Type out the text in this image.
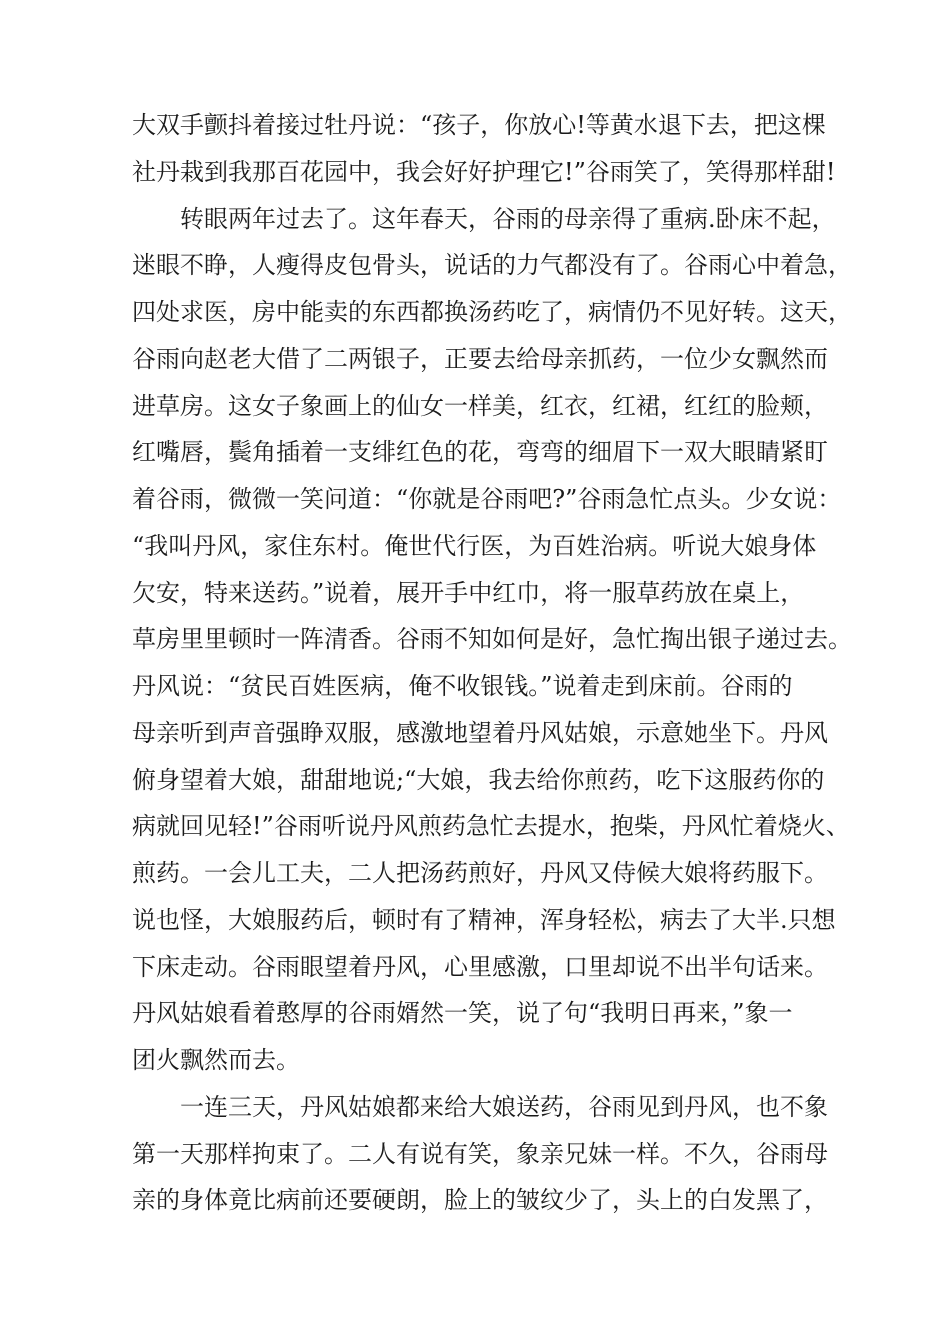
大双手颤抖着接过牡丹说：“孩子，你放心!等黄水退下去，把这棵

社丹栽到我那百花园中，我会好好护理它!”谷雨笑了，笑得那样甜!

转眼两年过去了。这年春天，谷雨的母亲得了重病.卧床不起，

迷眼不睁，人瘦得皮包骨头，说话的力气都没有了。谷雨心中着急，

四处求医，房中能卖的东西都换汤药吃了，病情仍不见好转。这天，

谷雨向赵老大借了二两银子，正要去给母亲抓药，一位少女飘然而

进草房。这女子象画上的仙女一样美，红衣，红裙，红红的脸颊，

红嘴唇，鬓角插着一支绯红色的花，弯弯的细眉下一双大眼睛紧盯

着谷雨，微微一笑问道：“你就是谷雨吧?”谷雨急忙点头。少女说：

“我叫丹风，家住东村。俺世代行医，为百姓治病。听说大娘身体

欠安，特来送药。”说着，展开手中红巾，将一服草药放在桌上，

草房里里顿时一阵清香。谷雨不知如何是好，急忙掏出银子递过去。

丹风说：“贫民百姓医病，俺不收银钱。”说着走到床前。谷雨的

母亲听到声音强睁双服，感激地望着丹风姑娘，示意她坐下。丹风

俯身望着大娘，甜甜地说;“大娘，我去给你煎药，吃下这服药你的

病就回见轻!”谷雨听说丹风煎药急忙去提水，抱柴，丹风忙着烧火、

煎药。一会儿工夫，二人把汤药煎好，丹风又侍候大娘将药服下。

说也怪，大娘服药后，顿时有了精神，浑身轻松，病去了大半.只想

下床走动。谷雨眼望着丹风，心里感激，口里却说不出半句话来。

丹风姑娘看着憨厚的谷雨婿然一笑，说了句“我明日再来，”象一

团火飘然而去。

一连三天，丹风姑娘都来给大娘送药，谷雨见到丹风，也不象

第一天那样拘束了。二人有说有笑，象亲兄妹一样。不久，谷雨母

亲的身体竟比病前还要硬朗，脸上的皱纹少了，头上的白发黑了，
